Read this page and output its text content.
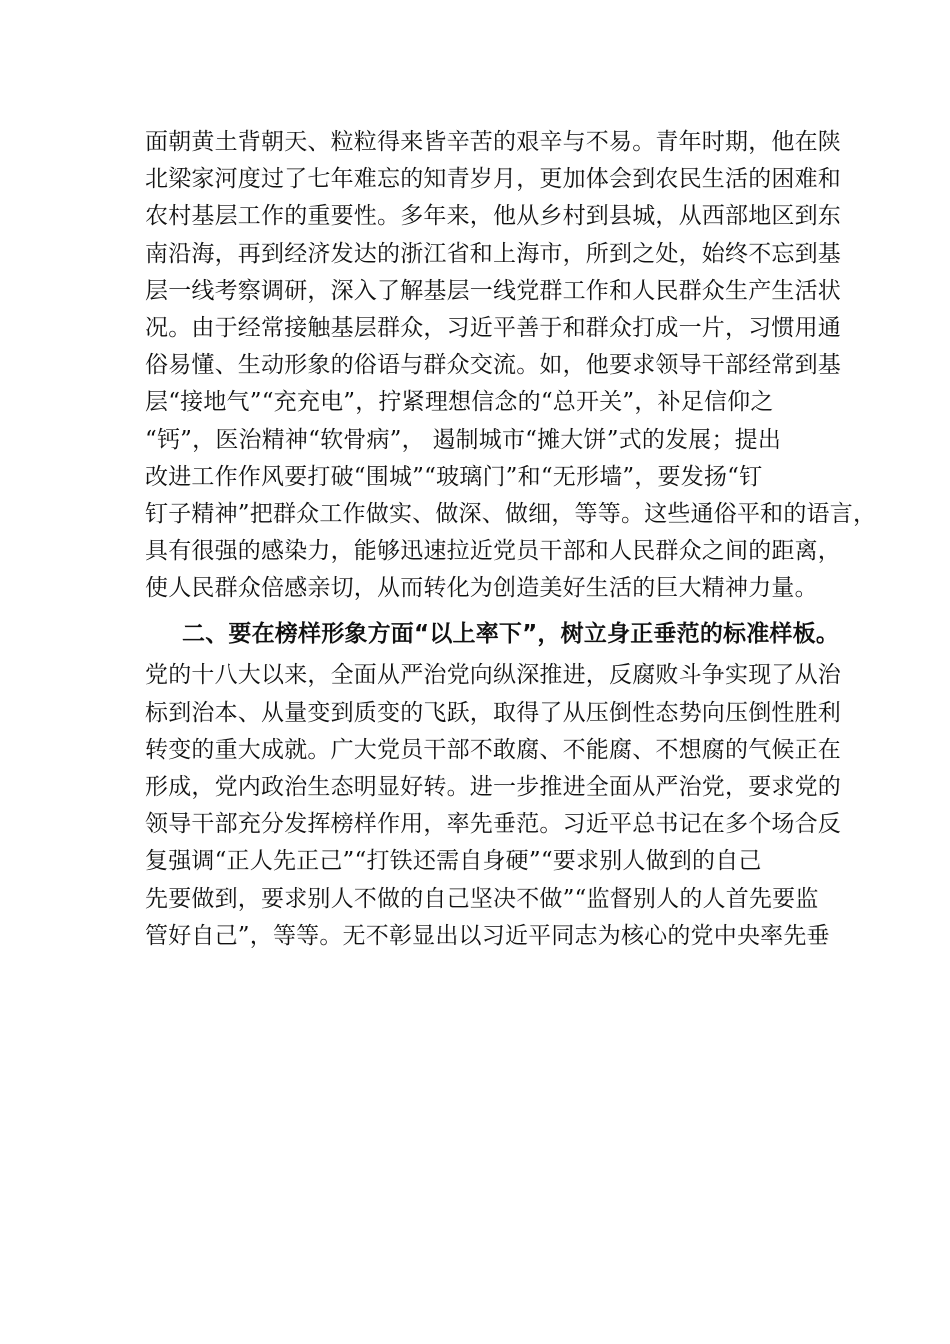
面朝黄土背朝天、粒粒得来皆辛苦的艰辛与不易。青年时期，他在陕
北梁家河度过了七年难忘的知青岁月，更加体会到农民生活的困难和
农村基层工作的重要性。多年来，他从乡村到县城，从西部地区到东
南沿海，再到经济发达的浙江省和上海市，所到之处，始终不忘到基
层一线考察调研，深入了解基层一线党群工作和人民群众生产生活状
况。由于经常接触基层群众，习近平善于和群众打成一片，习惯用通
俗易懂、生动形象的俗语与群众交流。如，他要求领导干部经常到基
层“接地气”“充充电”，拧紧理想信念的“总开关”，补足信仰之
“钙”，医治精神“软骨病”， 遏制城市“摊大饼”式的发展；提出
改进工作作风要打破“围城”“玻璃门”和“无形墙”，要发扬“钉
钉子精神”把群众工作做实、做深、做细，等等。这些通俗平和的语言，
具有很强的感染力，能够迅速拉近党员干部和人民群众之间的距离，
使人民群众倍感亲切，从而转化为创造美好生活的巨大精神力量。
二、要在榜样形象方面“以上率下”，树立身正垂范的标准样板。
党的十八大以来，全面从严治党向纵深推进，反腐败斗争实现了从治
标到治本、从量变到质变的飞跃，取得了从压倒性态势向压倒性胜利
转变的重大成就。广大党员干部不敢腐、不能腐、不想腐的气候正在
形成，党内政治生态明显好转。进一步推进全面从严治党，要求党的
领导干部充分发挥榜样作用，率先垂范。习近平总书记在多个场合反
复强调“正人先正己”“打铁还需自身硬”“要求别人做到的自己
先要做到，要求别人不做的自己坚决不做”“监督别人的人首先要监
管好自己”，等等。无不彰显出以习近平同志为核心的党中央率先垂
